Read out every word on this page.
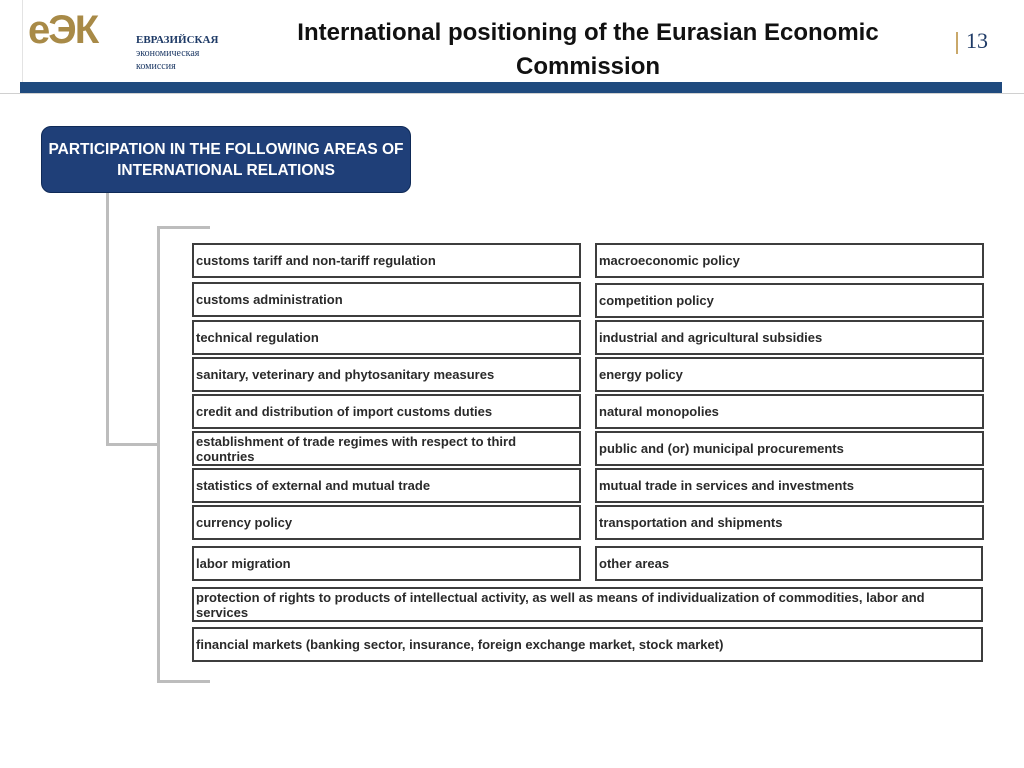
еЭК	ЕВРАЗИЙСКАЯ
экономическая
комиссия
International positioning of the Eurasian Economic Commission
13
PARTICIPATION IN THE FOLLOWING AREAS OF INTERNATIONAL RELATIONS
customs tariff and non-tariff regulation
customs administration
technical regulation
sanitary, veterinary and phytosanitary measures
credit and distribution of import customs duties
establishment of trade regimes with respect to third countries
statistics of external and mutual trade
currency policy
labor migration
macroeconomic policy
competition policy
industrial and agricultural subsidies
energy policy
natural monopolies
public and (or) municipal procurements
mutual trade in services and investments
transportation and shipments
other areas
protection of rights to products of intellectual activity, as well as means of individualization of commodities, labor and services
financial markets (banking sector, insurance, foreign exchange market, stock market)
